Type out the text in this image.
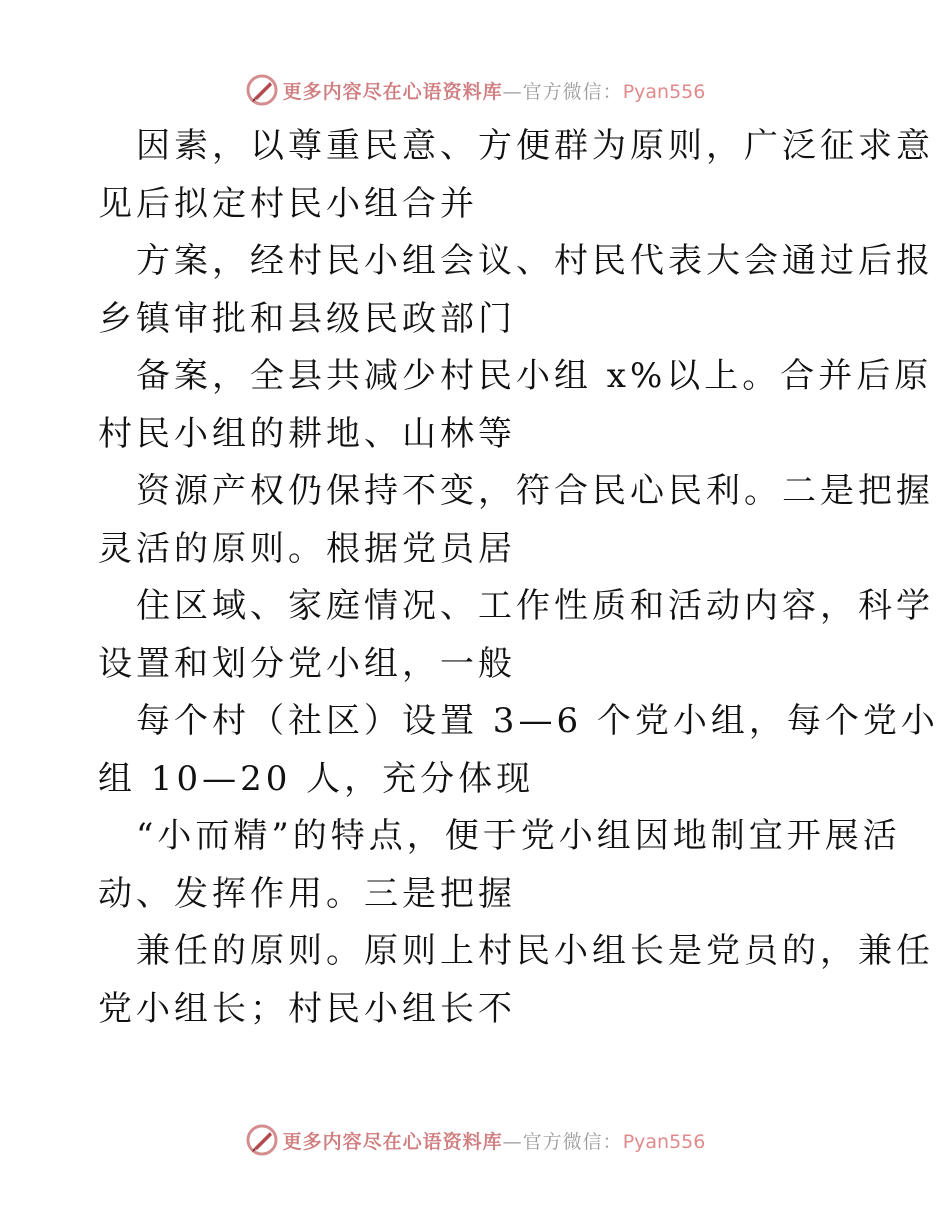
更多内容尽在心语资料库—官方微信：Pyan556

因素，以尊重民意、方便群为原则，广泛征求意
见后拟定村民小组合并

方案，经村民小组会议、村民代表大会通过后报
乡镇审批和县级民政部门

备案，全县共减少村民小组 x%以上。合并后原
村民小组的耕地、山林等

资源产权仍保持不变，符合民心民利。二是把握
灵活的原则。根据党员居

住区域、家庭情况、工作性质和活动内容，科学
设置和划分党小组，一般

每个村（社区）设置 3—6 个党小组，每个党小
组 10—20 人，充分体现

“小而精”的特点，便于党小组因地制宜开展活
动、发挥作用。三是把握

兼任的原则。原则上村民小组长是党员的，兼任
党小组长；村民小组长不

更多内容尽在心语资料库—官方微信：Pyan556
